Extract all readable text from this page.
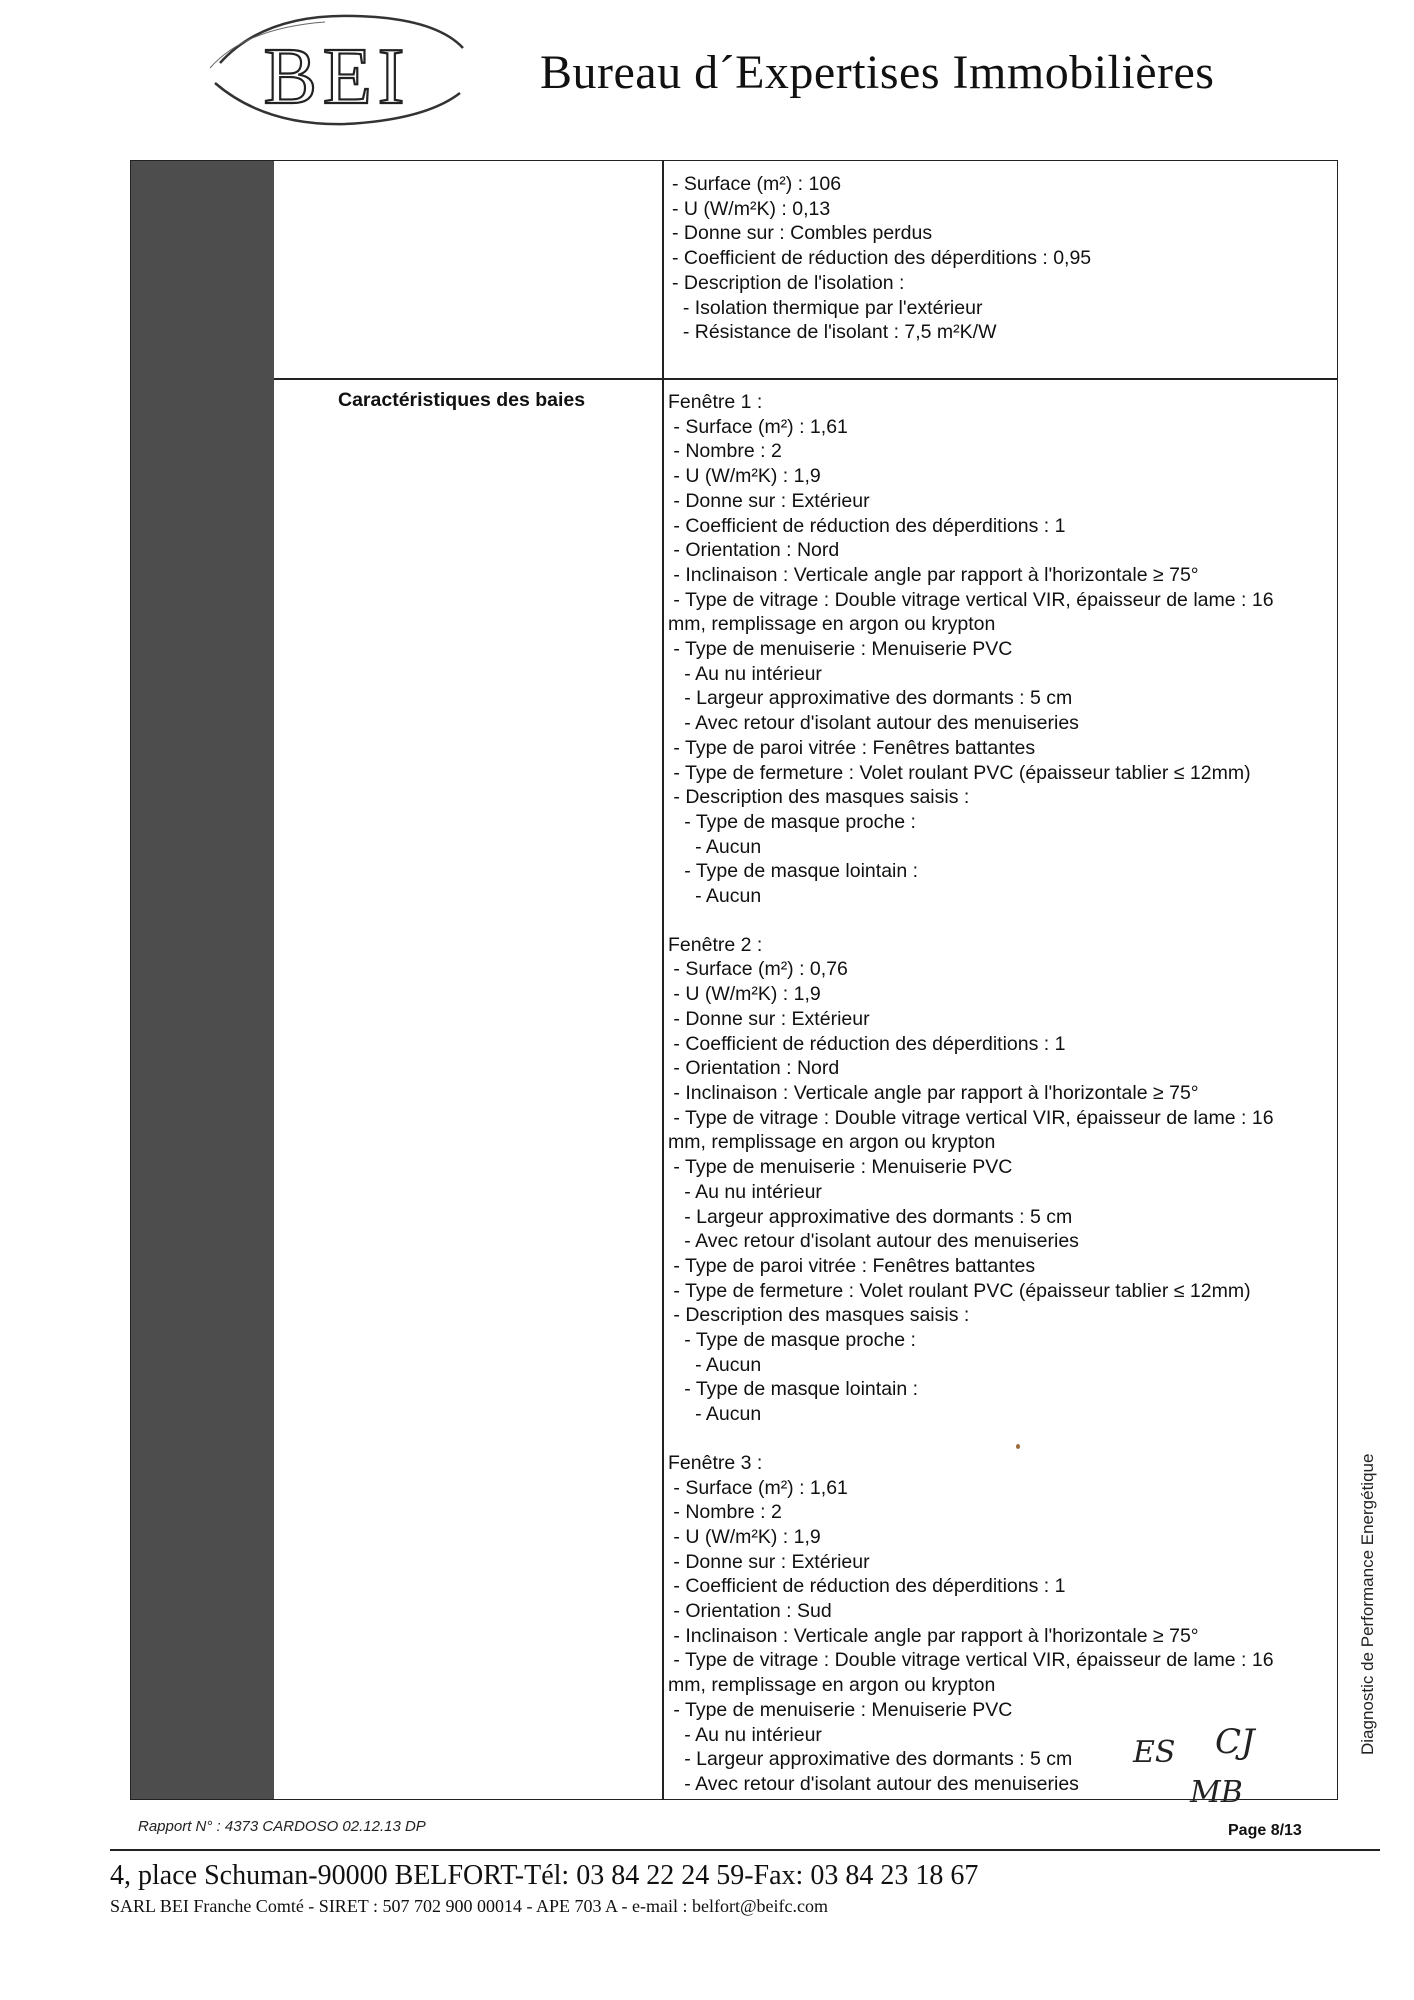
BEI	Bureau d´Expertises Immobilières
- Surface (m²) : 106
- U (W/m²K) : 0,13
- Donne sur : Combles perdus
- Coefficient de réduction des déperditions : 0,95
- Description de l'isolation :
- Isolation thermique par l'extérieur
- Résistance de l'isolant : 7,5 m²K/W
Caractéristiques des baies	Fenêtre 1 :
- Surface (m²) : 1,61
- Nombre : 2
- U (W/m²K) : 1,9
- Donne sur : Extérieur
- Coefficient de réduction des déperditions : 1
- Orientation : Nord
- Inclinaison : Verticale angle par rapport à l'horizontale ≥ 75°
- Type de vitrage : Double vitrage vertical VIR, épaisseur de lame : 16
mm, remplissage en argon ou krypton
- Type de menuiserie : Menuiserie PVC
- Au nu intérieur
- Largeur approximative des dormants : 5 cm
- Avec retour d'isolant autour des menuiseries
- Type de paroi vitrée : Fenêtres battantes
- Type de fermeture : Volet roulant PVC (épaisseur tablier ≤ 12mm)
- Description des masques saisis :
- Type de masque proche :
- Aucun
- Type de masque lointain :
- Aucun
Fenêtre 2 :
- Surface (m²) : 0,76
- U (W/m²K) : 1,9
- Donne sur : Extérieur
- Coefficient de réduction des déperditions : 1
- Orientation : Nord
- Inclinaison : Verticale angle par rapport à l'horizontale ≥ 75°
- Type de vitrage : Double vitrage vertical VIR, épaisseur de lame : 16
mm, remplissage en argon ou krypton
- Type de menuiserie : Menuiserie PVC
- Au nu intérieur
- Largeur approximative des dormants : 5 cm
- Avec retour d'isolant autour des menuiseries
- Type de paroi vitrée : Fenêtres battantes
- Type de fermeture : Volet roulant PVC (épaisseur tablier ≤ 12mm)
- Description des masques saisis :
- Type de masque proche :
- Aucun
- Type de masque lointain :
- Aucun
Fenêtre 3 :
- Surface (m²) : 1,61
- Nombre : 2
- U (W/m²K) : 1,9
- Donne sur : Extérieur
- Coefficient de réduction des déperditions : 1
- Orientation : Sud
- Inclinaison : Verticale angle par rapport à l'horizontale ≥ 75°
- Type de vitrage : Double vitrage vertical VIR, épaisseur de lame : 16
mm, remplissage en argon ou krypton
- Type de menuiserie : Menuiserie PVC
- Au nu intérieur
- Largeur approximative des dormants : 5 cm
- Avec retour d'isolant autour des menuiseries
Diagnostic de Performance Energétique
ES CJ
MB
Rapport N° : 4373 CARDOSO 02.12.13 DP	Page 8/13
4, place Schuman-90000 BELFORT-Tél: 03 84 22 24 59-Fax: 03 84 23 18 67
SARL BEI Franche Comté - SIRET : 507 702 900 00014 - APE 703 A - e-mail : belfort@beifc.com
